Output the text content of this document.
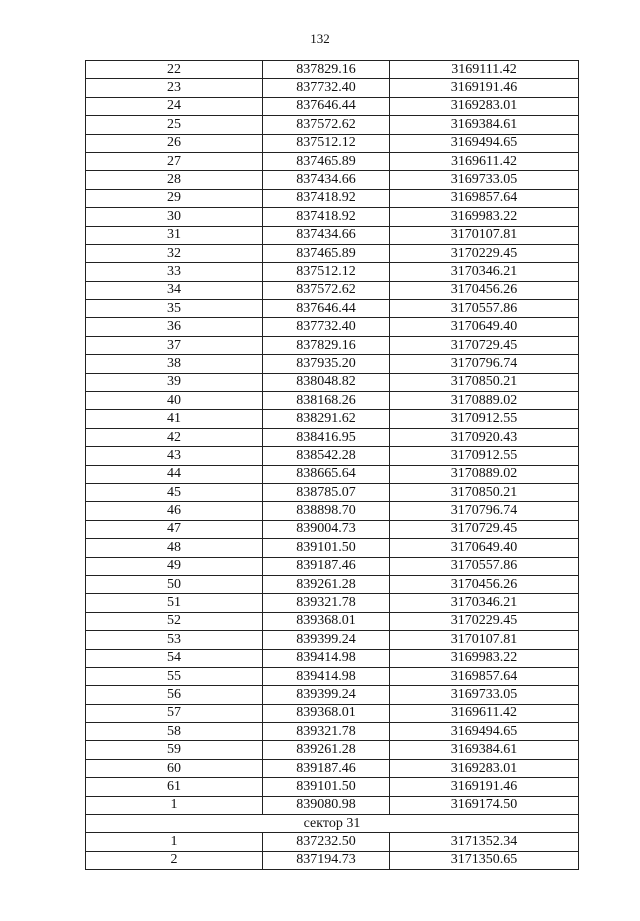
132
22	837829.16	3169111.42
23	837732.40	3169191.46
24	837646.44	3169283.01
25	837572.62	3169384.61
26	837512.12	3169494.65
27	837465.89	3169611.42
28	837434.66	3169733.05
29	837418.92	3169857.64
30	837418.92	3169983.22
31	837434.66	3170107.81
32	837465.89	3170229.45
33	837512.12	3170346.21
34	837572.62	3170456.26
35	837646.44	3170557.86
36	837732.40	3170649.40
37	837829.16	3170729.45
38	837935.20	3170796.74
39	838048.82	3170850.21
40	838168.26	3170889.02
41	838291.62	3170912.55
42	838416.95	3170920.43
43	838542.28	3170912.55
44	838665.64	3170889.02
45	838785.07	3170850.21
46	838898.70	3170796.74
47	839004.73	3170729.45
48	839101.50	3170649.40
49	839187.46	3170557.86
50	839261.28	3170456.26
51	839321.78	3170346.21
52	839368.01	3170229.45
53	839399.24	3170107.81
54	839414.98	3169983.22
55	839414.98	3169857.64
56	839399.24	3169733.05
57	839368.01	3169611.42
58	839321.78	3169494.65
59	839261.28	3169384.61
60	839187.46	3169283.01
61	839101.50	3169191.46
1	839080.98	3169174.50
сектор 31		
1	837232.50	3171352.34
2	837194.73	3171350.65
